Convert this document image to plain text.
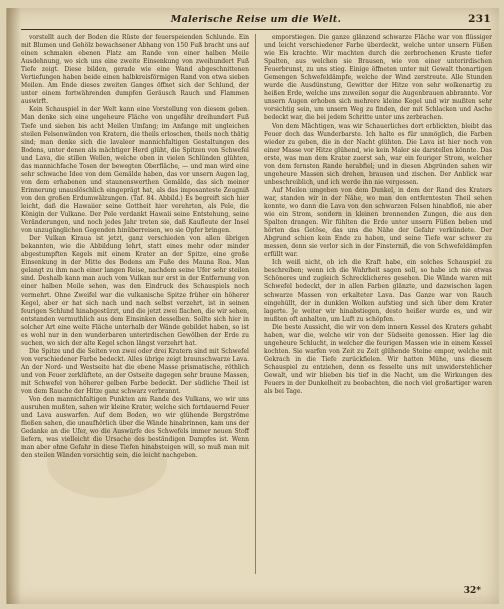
Malerische Reise um die Welt.	231

vorstellt auch der Boden die Rüste der feuerspeienden Schlunde. Ein mit Blumen und Gehölz bewachsener Abhang von 150 Fuß bracht uns auf einen schmalen ebenen Platz am Rande von einer halben Meile Ausdehnung, wo sich uns eine zweite Einsenkung von zweihundert Fuß Tiefe zeigt. Diese bilden, gerade wie eine Wand abgeschnittenen Vertiefungen haben beide einen halbkreisförmigen Rand von etwa sieben Meilen. Am Ende dieses zweiten Ganges öffnet sich der Schlund, der unter einem fortwährenden dumpfen Geräusch Rauch und Flammen auswirft.

Kein Schauspiel in der Welt kann eine Vorstellung von diesem geben. Man denke sich eine ungeheure Fläche von ungefähr dreihundert Fuß Tiefe und sieben bis acht Meilen Umfang; im Anfange mit ungleichen steilen Felsenwänden von Kratern, die theils erloschen, theils noch thätig sind; man denke sich die lavaleer mannichfaltigen Gestaltungen des Bodens, unter denen als mächtiger Herd glüht, die Spitzen von Schwefel und Lava, die stillen Wellen, welche oben in vielen Schlünden glühten, das mannichfache Tosen der bewegten Oberfläche, — und man wird eine sehr schwache Idee von dem Gemälde haben, das vor unsern Augen lag, von dem erhabenen und staunenswerthen Gemälde, das sich meiner Erinnerung unauslöschlich eingeprägt hat, als das imposanteste Zeugniß von den großen Erdumwälzungen. (Taf. 84. Abbild.) Es begreift sich hier leicht, daß die Hawaiier seine Gottheit hier verehrten, als Pele, die Königin der Vulkane. Der Pele verdankt Hawaii seine Entstehung, seine Veränderungen, und noch jedes Jahr treten sie, daß Kaufleute der Insel von unzugänglichen Gegenden hinüberreisen, wo sie Opfer bringen.

Der Vulkan Kiraua ist jetzt, ganz verschieden von allen übrigen bekannten, wie die Abbildung lehrt, statt eines mehr oder minder abgestumpften Kegels mit einem Krater an der Spitze, eine große Einsenkung in der Mitte des Bodens am Fuße des Mauna Roa. Man gelangt zu ihm nach einer langen Reise, nachdem seine Ufer sehr steilen sind. Deshalb kann man auch vom Vulkan nur erst in der Entfernung von einer halben Meile sehen, was den Eindruck des Schauspiels noch vermehrt. Ohne Zweifel war die vulkanische Spitze früher ein höherer Kegel, aber er hat sich nach und nach selbst verzehrt, ist in seinen feurigen Schlund hinabgestürzt, und die jetzt zwei flachen, die wir sehen, entstanden vermuthlich aus dem Einsinken desselben. Sollte sich hier in solcher Art eine weite Fläche unterhalb der Wände gebildet haben, so ist es wohl nur in den wunderbaren unterirdischen Gewölben der Erde zu suchen, wo sich der alte Kegel schon längst verzehrt hat.

Die Spitze und die Seiten von zwei oder drei Kratern sind mit Schwefel von verschiedener Farbe bedeckt. Alles übrige zeigt braunschwarze Lava. An der Nord- und Westseite hat die ebene Masse prismatische, röthlich und von Feuer zerklüftete, an der Ostseite dagegen sehr braune Massen, mit Schwefel von höherer gelben Farbe bedeckt. Der südliche Theil ist von dem Rauche der Hitze ganz schwarz verbrannt.

Von den mannichfaltigen Punkten am Rande des Vulkans, wo wir uns ausruhen mußten, sahen wir kleine Krater, welche sich fortdauernd Feuer und Lava auswarfen. Auf dem Boden, wo wir glühende Bergströme fließen sahen, die unaufhörlich über die Wände hinabrinnen, kam uns der Gedanke an die Ufer, wo die Auswürfe des Schwefels immer neuen Stoff liefern, was vielleicht die Ursache des beständigen Dampfes ist. Wenn man aber ohne Gefahr in diese Tiefen hinabsteigen will, so muß man mit den steilen Wänden vorsichtig sein, die leicht nachgeben.

emporstiegen. Die ganze glänzend schwarze Fläche war von flüssiger und leicht verschiedener Farbe überdeckt, welche unter unsern Füßen wie Eis krachte. Wir machten durch die zerbrochenen Kruste tiefer Spalten, aus welchen sie Brausen, wie von einer unterirdischen Feuerbrunst, zu uns stieg. Einige öffneten unter mit Gewalt thonartigen Gemengen Schwefeldämpfe, welche der Wind zerstreute. Alle Stunden wurde die Ausdünstung, Gewitter der Hitze von sehr wolkenartig zu heißen Erde, welche uns zuweilen sogar die Augenbrauen abbrannte. Vor unsern Augen erhoben sich mehrere kleine Kegel und wir mußten sehr vorsichtig sein, um unsern Weg zu finden, der mit Schlacken und Asche bedeckt war, die bei jedem Schritte unter uns zerbrachen.

Von dem Mächtigen, was wir Schauerliches dort erblickten, bleibt das Feuer doch das Wunderbarste. Ich halte es für unmöglich, die Farben wieder zu geben, die in der Nacht glühten. Die Lava ist hier noch von einer Masse vor Hitze glühend, wie kein Maler sie darstellen könnte. Das erste, was man dem Krater zuerst sah, war ein feuriger Strom, welcher von dem fernsten Rande herabfiel; und in diesen Abgründen sahen wir ungeheure Massen sich drehen, brausen und zischen. Der Anblick war unbeschreiblich, und ich werde ihn nie vergessen.

Auf Meilen umgeben von dem Dunkel, in dem der Rand des Kraters war, standen wir in der Nähe, wo man den entferntesten Theil sehen konnte, wo dann die Lava von den schwarzen Felsen hinabfloß, nie aber wie ein Strom, sondern in kleinen brennenden Zungen, die aus den Spalten drangen. Wir fühlten die Erde unter unsern Füßen beben und hörten das Getöse, das uns die Nähe der Gefahr verkündete. Der Abgrund schien kein Ende zu haben, und seine Tiefe war schwer zu messen, denn sie verlor sich in der Finsterniß, die von Schwefeldämpfen erfüllt war.

Ich weiß nicht, ob ich die Kraft habe, ein solches Schauspiel zu beschreiben; wenn ich die Wahrheit sagen soll, so habe ich nie etwas Schöneres und zugleich Schrecklicheres gesehen. Die Wände waren mit Schwefel bedeckt, der in allen Farben glänzte, und dazwischen lagen schwarze Massen von erkalteter Lava. Das Ganze war von Rauch eingehüllt, der in dunklen Wolken aufstieg und sich über dem Krater lagerte. Je weiter wir hinabstiegen, desto heißer wurde es, und wir mußten oft anhalten, um Luft zu schöpfen.

Die beste Aussicht, die wir von dem innern Kessel des Kraters gehabt haben, war die, welche wir von der Südseite genossen. Hier lag die ungeheure Schlucht, in welcher die feurigen Massen wie in einem Kessel kochten. Sie warfen von Zeit zu Zeit glühende Steine empor, welche mit Gekrach in die Tiefe zurückfielen. Wir hatten Mühe, uns diesem Schauspiel zu entziehen, denn es fesselte uns mit unwiderstehlicher Gewalt, und wir blieben bis tief in die Nacht, um die Wirkungen des Feuers in der Dunkelheit zu beobachten, die noch viel großartiger waren als bei Tage.

32*
